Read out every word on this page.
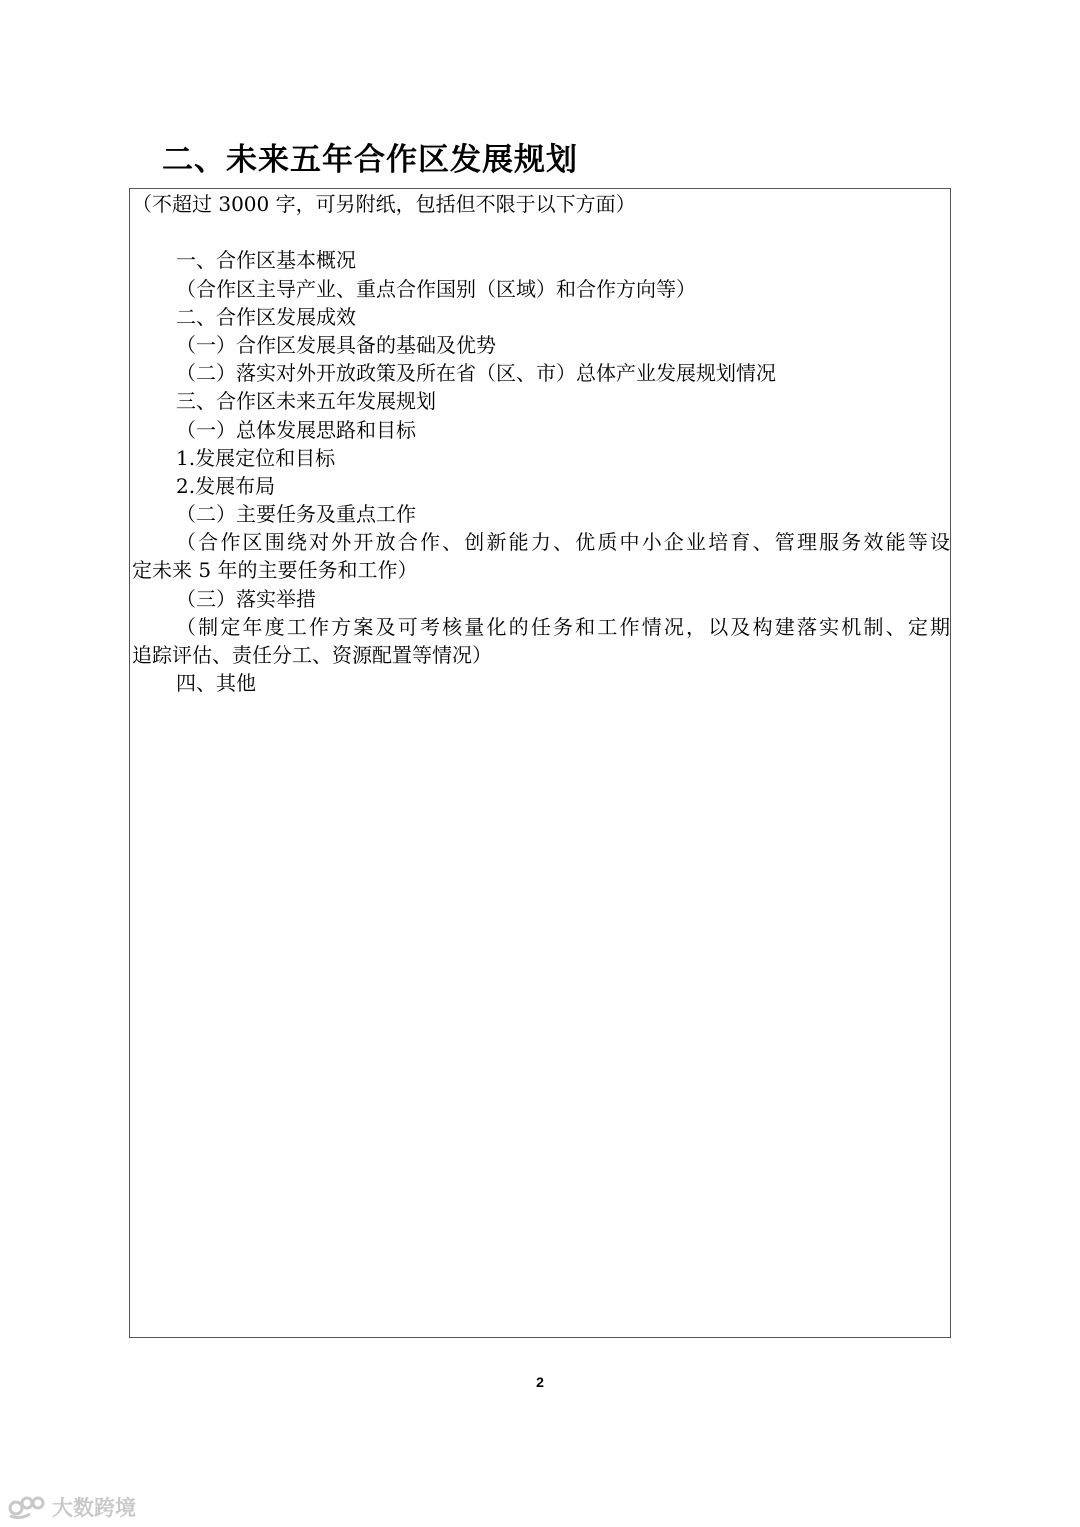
二、未来五年合作区发展规划
（不超过 3000 字，可另附纸，包括但不限于以下方面）
一、合作区基本概况
（合作区主导产业、重点合作国别（区域）和合作方向等）
二、合作区发展成效
（一）合作区发展具备的基础及优势
（二）落实对外开放政策及所在省（区、市）总体产业发展规划情况
三、合作区未来五年发展规划
（一）总体发展思路和目标
1.发展定位和目标
2.发展布局
（二）主要任务及重点工作
（合作区围绕对外开放合作、创新能力、优质中小企业培育、管理服务效能等设
定未来 5 年的主要任务和工作）
（三）落实举措
（制定年度工作方案及可考核量化的任务和工作情况，以及构建落实机制、定期
追踪评估、责任分工、资源配置等情况）
四、其他
2
大数跨境
